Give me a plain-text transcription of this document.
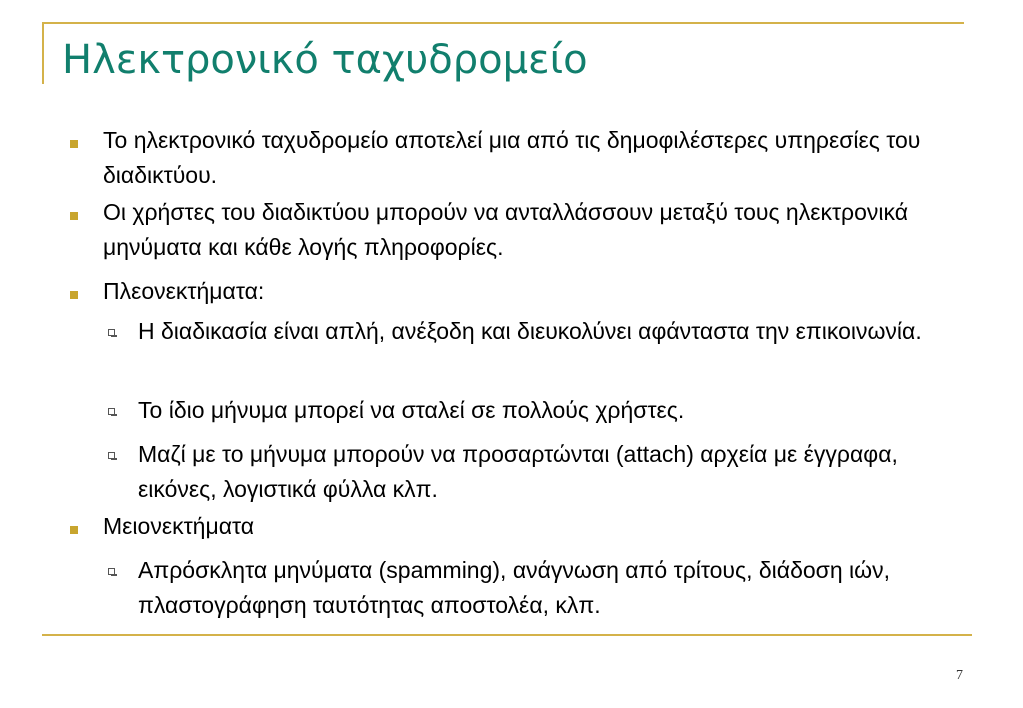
Ηλεκτρονικό ταχυδρομείο
Το ηλεκτρονικό ταχυδρομείο αποτελεί μια από τις δημοφιλέστερες υπηρεσίες του διαδικτύου.
Οι χρήστες του διαδικτύου μπορούν να ανταλλάσσουν μεταξύ τους ηλεκτρονικά μηνύματα και κάθε λογής πληροφορίες.
Πλεονεκτήματα:
Η διαδικασία είναι απλή, ανέξοδη και διευκολύνει αφάνταστα την επικοινωνία.
Το ίδιο μήνυμα μπορεί να σταλεί σε πολλούς χρήστες.
Μαζί με το μήνυμα μπορούν να προσαρτώνται (attach) αρχεία με έγγραφα, εικόνες, λογιστικά φύλλα κλπ.
Μειονεκτήματα
Απρόσκλητα μηνύματα (spamming), ανάγνωση από τρίτους, διάδοση ιών, πλαστογράφηση ταυτότητας αποστολέα, κλπ.
7
